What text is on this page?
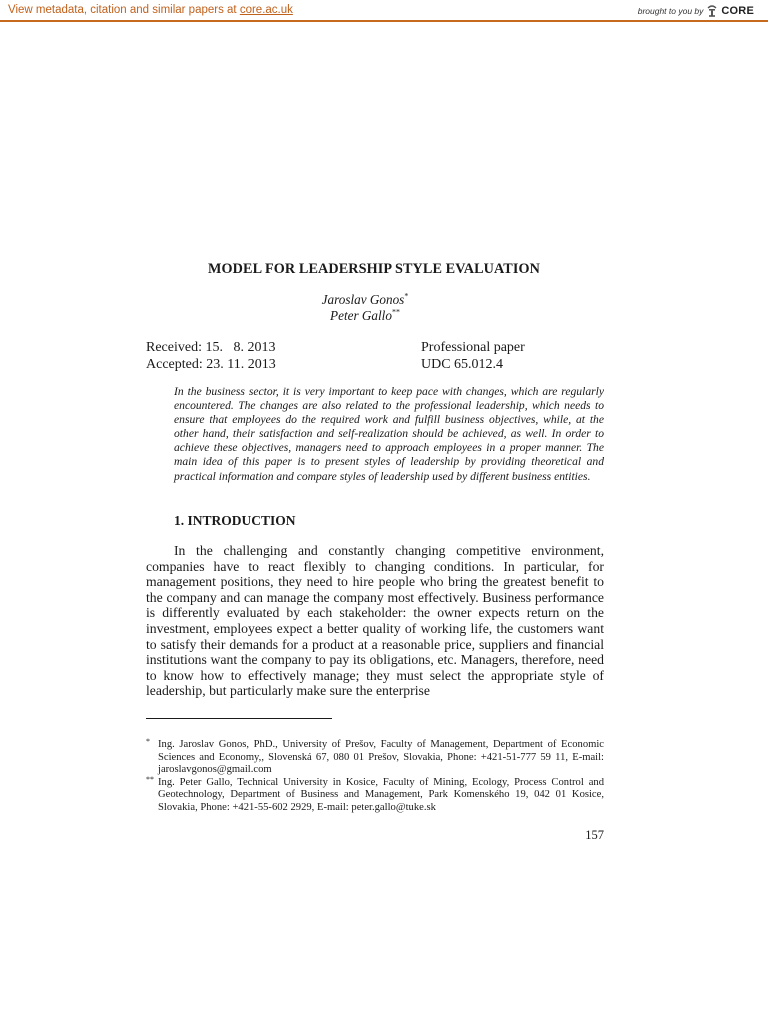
View metadata, citation and similar papers at core.ac.uk	brought to you by CORE
MODEL FOR LEADERSHIP STYLE EVALUATION
Jaroslav Gonos*
Peter Gallo**
Received: 15.   8. 2013
Accepted: 23. 11. 2013
Professional paper
UDC 65.012.4
In the business sector, it is very important to keep pace with changes, which are regularly encountered. The changes are also related to the professional leadership, which needs to ensure that employees do the required work and fulfill business objectives, while, at the other hand, their satisfaction and self-realization should be achieved, as well. In order to achieve these objectives, managers need to approach employees in a proper manner. The main idea of this paper is to present styles of leadership by providing theoretical and practical information and compare styles of leadership used by different business entities.
1. INTRODUCTION
In the challenging and constantly changing competitive environment, companies have to react flexibly to changing conditions. In particular, for management positions, they need to hire people who bring the greatest benefit to the company and can manage the company most effectively. Business performance is differently evaluated by each stakeholder: the owner expects return on the investment, employees expect a better quality of working life, the customers want to satisfy their demands for a product at a reasonable price, suppliers and financial institutions want the company to pay its obligations, etc. Managers, therefore, need to know how to effectively manage; they must select the appropriate style of leadership, but particularly make sure the enterprise
* Ing. Jaroslav Gonos, PhD., University of Prešov, Faculty of Management, Department of Economic Sciences and Economy,, Slovenská 67, 080 01 Prešov, Slovakia, Phone: +421-51-777 59 11, E-mail: jaroslavgonos@gmail.com
** Ing. Peter Gallo, Technical University in Kosice, Faculty of Mining, Ecology, Process Control and Geotechnology, Department of Business and Management, Park Komenského 19, 042 01 Kosice, Slovakia, Phone: +421-55-602 2929, E-mail: peter.gallo@tuke.sk
157
